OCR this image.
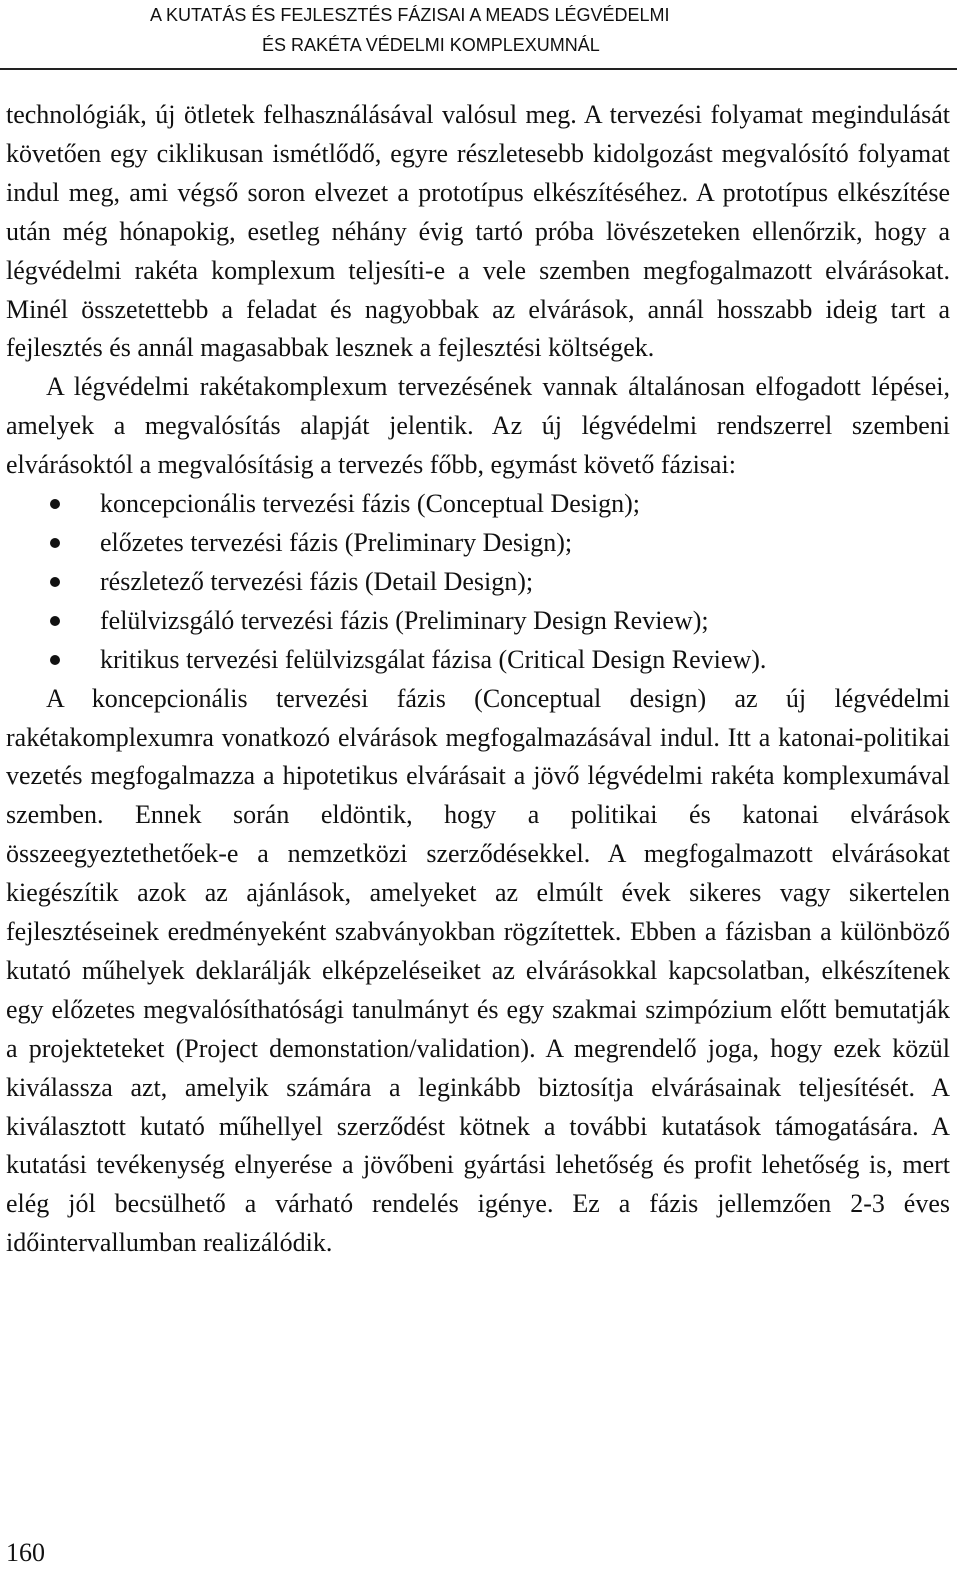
A KUTATÁS ÉS FEJLESZTÉS FÁZISAI A MEADS LÉGVÉDELMI
ÉS RAKÉTA VÉDELMI KOMPLEXUMNÁL

technológiák, új ötletek felhasználásával valósul meg. A tervezési folyamat megindulását követően egy ciklikusan ismétlődő, egyre részletesebb kidolgozást megvalósító folyamat indul meg, ami végső soron elvezet a prototípus elkészítéséhez. A prototípus elkészítése után még hónapokig, esetleg néhány évig tartó próba lövészeteken ellenőrzik, hogy a légvédelmi rakéta komplexum teljesíti-e a vele szemben megfogalmazott elvárásokat. Minél összetettebb a feladat és nagyobbak az elvárások, annál hosszabb ideig tart a fejlesztés és annál magasabbak lesznek a fejlesztési költségek.

A légvédelmi rakétakomplexum tervezésének vannak általánosan elfogadott lépései, amelyek a megvalósítás alapját jelentik. Az új légvédelmi rendszerrel szembeni elvárásoktól a megvalósításig a tervezés főbb, egymást követő fázisai:

koncepcionális tervezési fázis (Conceptual Design);
előzetes tervezési fázis (Preliminary Design);
részletező tervezési fázis (Detail Design);
felülvizsgáló tervezési fázis (Preliminary Design Review);
kritikus tervezési felülvizsgálat fázisa (Critical Design Review).

A koncepcionális tervezési fázis (Conceptual design) az új légvédelmi rakétakomplexumra vonatkozó elvárások megfogalmazásával indul. Itt a katonai-politikai vezetés megfogalmazza a hipotetikus elvárásait a jövő légvédelmi rakéta komplexumával szemben. Ennek során eldöntik, hogy a politikai és katonai elvárások összeegyeztethetőek-e a nemzetközi szerződésekkel. A megfogalmazott elvárásokat kiegészítik azok az ajánlások, amelyeket az elmúlt évek sikeres vagy sikertelen fejlesztéseinek eredményeként szabványokban rögzítettek. Ebben a fázisban a különböző kutató műhelyek deklarálják elképzeléseiket az elvárásokkal kapcsolatban, elkészítenek egy előzetes megvalósíthatósági tanulmányt és egy szakmai szimpózium előtt bemutatják a projekteteket (Project demonstation/validation). A megrendelő joga, hogy ezek közül kiválassza azt, amelyik számára a leginkább biztosítja elvárásainak teljesítését. A kiválasztott kutató műhellyel szerződést kötnek a további kutatások támogatására. A kutatási tevékenység elnyerése a jövőbeni gyártási lehetőség és profit lehetőség is, mert elég jól becsülhető a várható rendelés igénye. Ez a fázis jellemzően 2-3 éves időintervallumban realizálódik.

160
